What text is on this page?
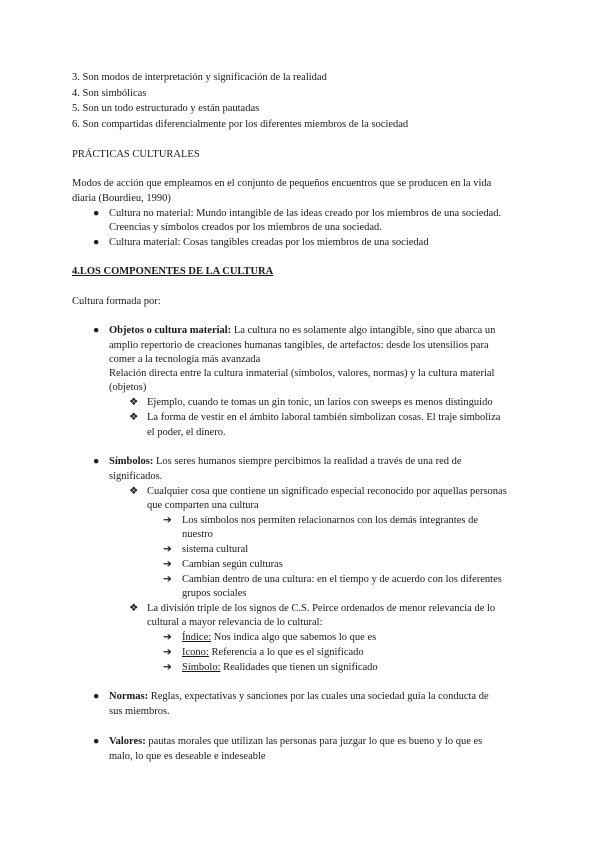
3. Son modos de interpretación y significación de la realidad
4. Son simbólicas
5. Son un todo estructurado y están pautadas
6. Son compartidas diferencialmente por los diferentes miembros de la sociedad
PRÁCTICAS CULTURALES
Modos de acción que empleamos en el conjunto de pequeños encuentros que se producen en la vida
diaria (Bourdieu, 1990)
● Cultura no material: Mundo intangible de las ideas creado por los miembros de una sociedad.
Creencias y símbolos creados por los miembros de una sociedad.
● Cultura material: Cosas tangibles creadas por los miembros de una sociedad
4.LOS COMPONENTES DE LA CULTURA
Cultura formada por:
● Objetos o cultura material: La cultura no es solamente algo intangible, sino que abarca un
amplio repertorio de creaciones humanas tangibles, de artefactos: desde los utensilios para
comer a la tecnología más avanzada
Relación directa entre la cultura inmaterial (símbolos, valores, normas) y la cultura material
(objetos)
❖ Ejemplo, cuando te tomas un gin tonic, un larios con sweeps es menos distinguido
❖ La forma de vestir en el ámbito laboral también simbolizan cosas. El traje simboliza
el poder, el dinero.
● Símbolos: Los seres humanos siempre percibimos la realidad a través de una red de
significados.
❖ Cualquier cosa que contiene un significado especial reconocido por aquellas personas
que comparten una cultura
➔ Los símbolos nos permiten relacionarnos con los demás integrantes de
nuestro
➔ sistema cultural
➔ Cambian según culturas
➔ Cambian dentro de una cultura: en el tiempo y de acuerdo con los diferentes
grupos sociales
❖ La división triple de los signos de C.S. Peirce ordenados de menor relevancia de lo
cultural a mayor relevancia de lo cultural:
➔ Índice: Nos indica algo que sabemos lo que es
➔ Icono: Referencia a lo que es el significado
➔ Símbolo: Realidades que tienen un significado
● Normas: Reglas, expectativas y sanciones por las cuales una sociedad guía la conducta de
sus miembros.
● Valores: pautas morales que utilizan las personas para juzgar lo que es bueno y lo que es
malo, lo que es deseable e indeseable
